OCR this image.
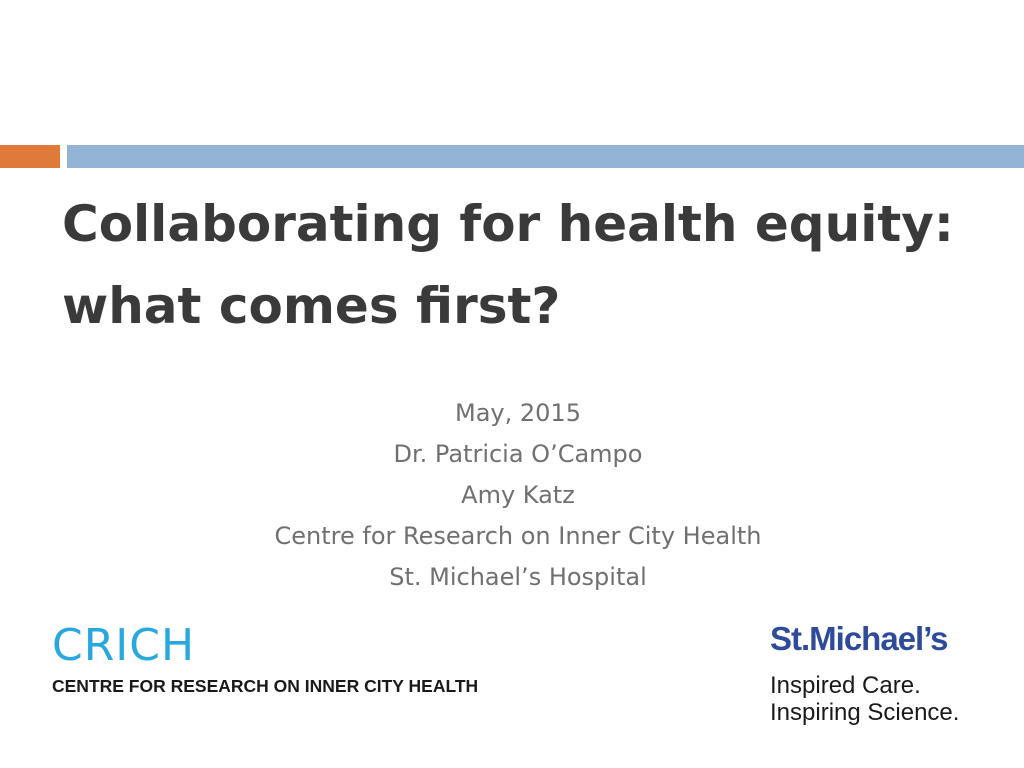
Collaborating for health equity:
what comes first?
May, 2015
Dr. Patricia O’Campo
Amy Katz
Centre for Research on Inner City Health
St. Michael’s Hospital
CRICH
CENTRE FOR RESEARCH ON INNER CITY HEALTH
St.Michael’s
Inspired Care.
Inspiring Science.
